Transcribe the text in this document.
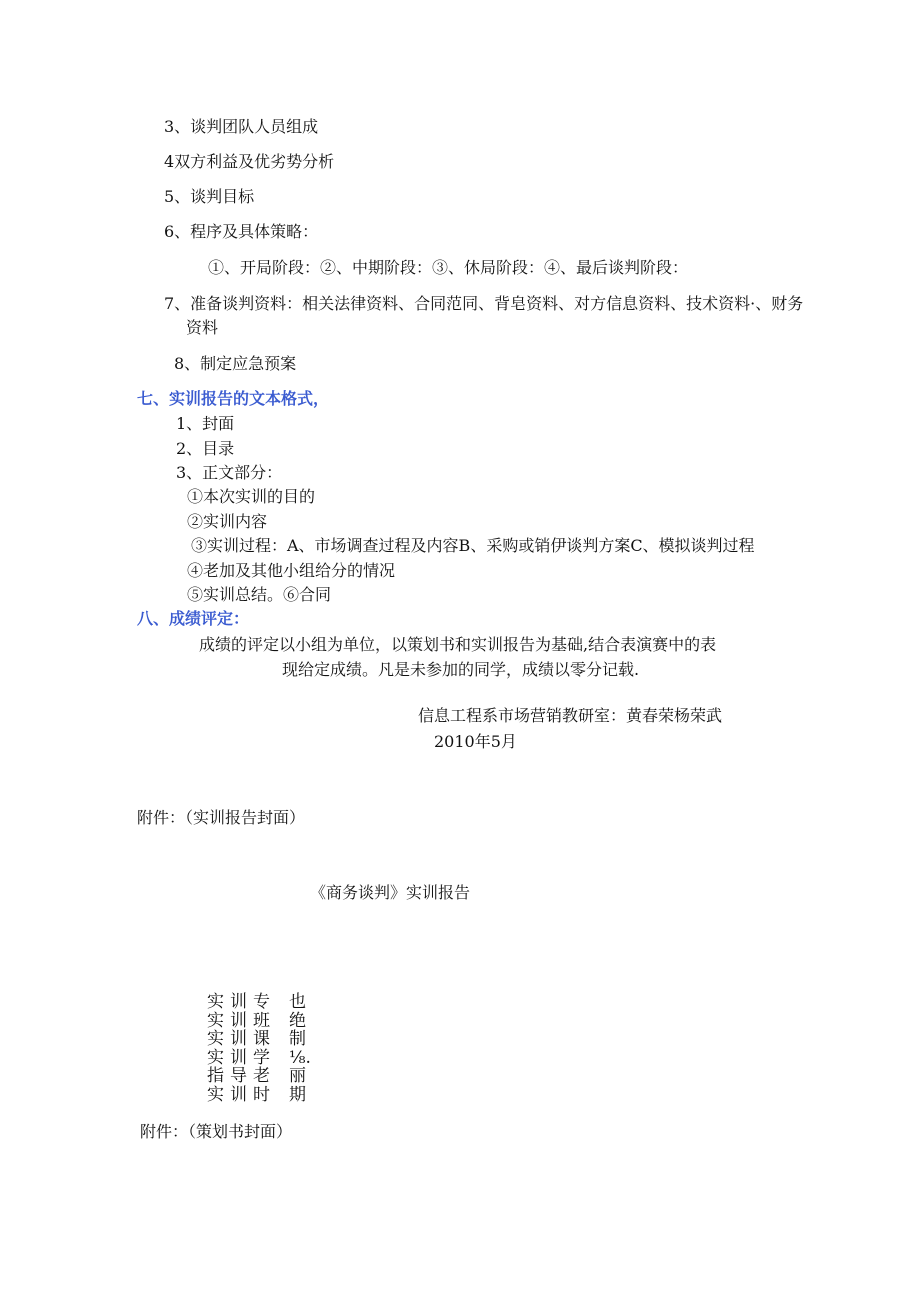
3、谈判团队人员组成
4双方利益及优劣势分析
5、谈判目标
6、程序及具体策略：
①、开局阶段：②、中期阶段：③、休局阶段：④、最后谈判阶段：
7、准备谈判资料：相关法律资料、合同范同、背皂资料、对方信息资料、技术资料·、财务
资料
8、制定应急预案
七、实训报告的文本格式，
1、封面
2、目录
3、正文部分：
①本次实训的目的
②实训内容
③实训过程：A、市场调查过程及内容B、采购或销伊谈判方案C、模拟谈判过程
④老加及其他小组给分的情况
⑤实训总结。⑥合同
八、成绩评定：
成绩的评定以小组为单位，以策划书和实训报告为基础,结合表演赛中的表
现给定成绩。凡是未参加的同学，成绩以零分记载.
信息工程系市场营销教研室：黄春荣杨荣武
2010年5月
附件：（实训报告封面）
《商务谈判》实训报告
实训专 也
实训班 绝
实训课 制
实训学 ⅛.
指导老 丽
实训时 期
附件：（策划书封面）
